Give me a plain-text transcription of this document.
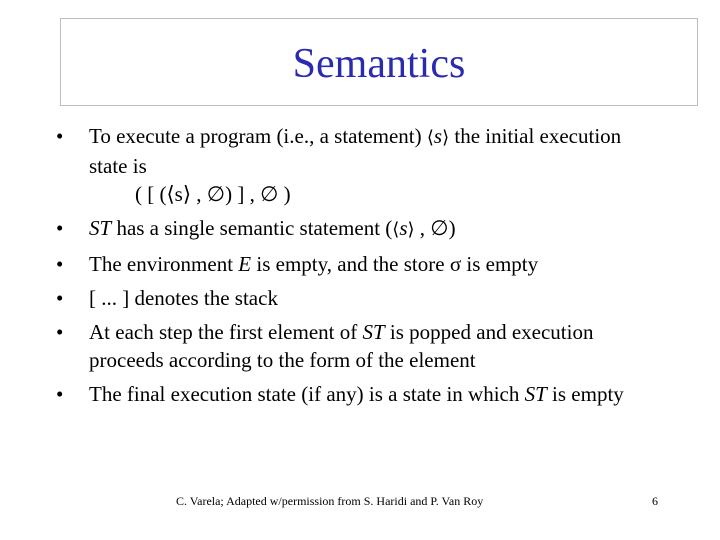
Semantics
•	To execute a program (i.e., a statement) ⟨s⟩ the initial execution state is
( [ (⟨s⟩ , ∅) ] , ∅ )
•	ST has a single semantic statement (⟨s⟩ , ∅)
•	The environment E is empty, and the store σ is empty
•	[ ... ] denotes the stack
•	At each step the first element of ST is popped and execution proceeds according to the form of the element
•	The final execution state (if any) is a state in which ST is empty
C. Varela; Adapted w/permission from S. Haridi and P. Van Roy	6
